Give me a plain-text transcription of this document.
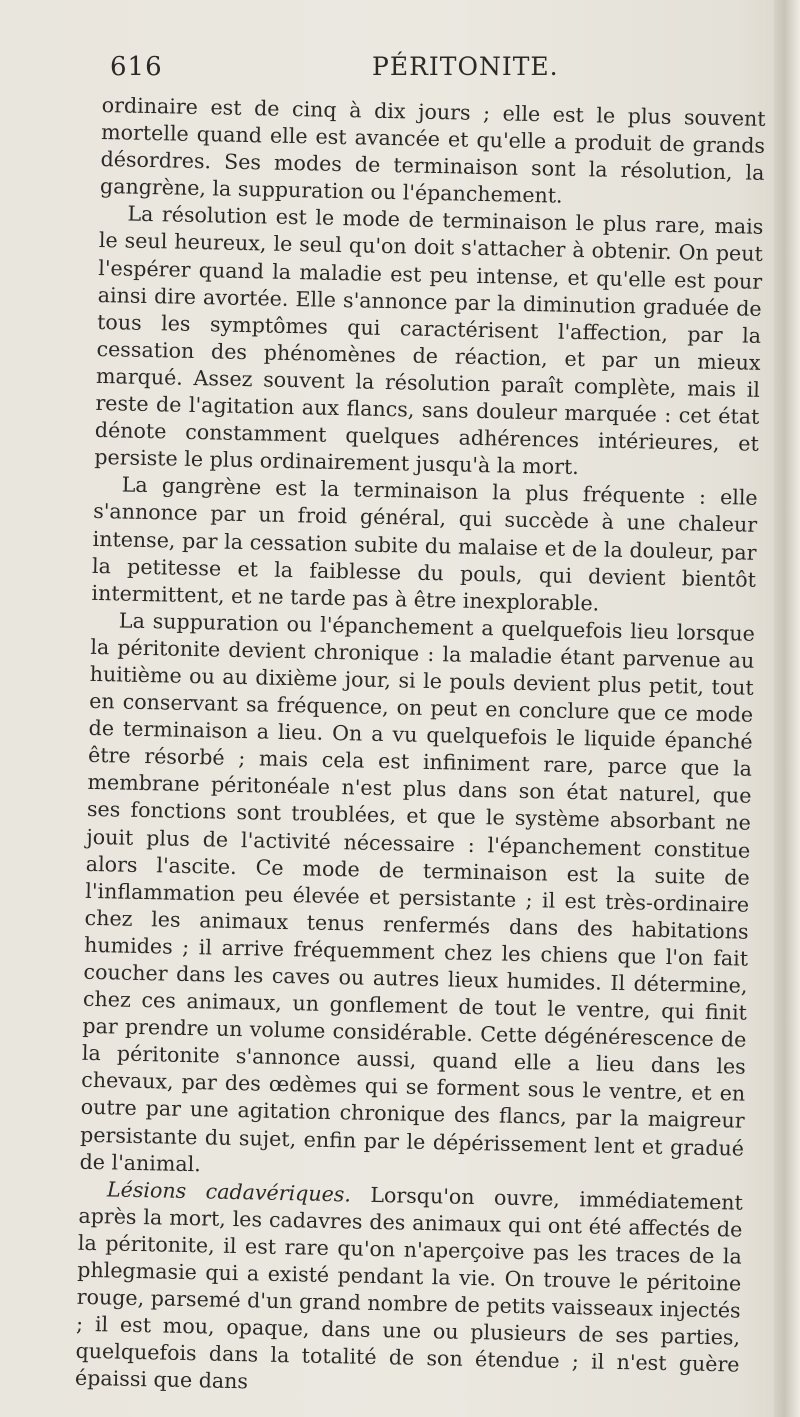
616	PÉRITONITE.

ordinaire est de cinq à dix jours ; elle est le plus souvent mortelle quand elle est avancée et qu'elle a produit de grands désordres. Ses modes de terminaison sont la résolution, la gangrène, la suppuration ou l'épanchement.

La résolution est le mode de terminaison le plus rare, mais le seul heureux, le seul qu'on doit s'attacher à obtenir. On peut l'espérer quand la maladie est peu intense, et qu'elle est pour ainsi dire avortée. Elle s'annonce par la diminution graduée de tous les symptômes qui caractérisent l'affection, par la cessation des phénomènes de réaction, et par un mieux marqué. Assez souvent la résolution paraît complète, mais il reste de l'agitation aux flancs, sans douleur marquée : cet état dénote constamment quelques adhérences intérieures, et persiste le plus ordinairement jusqu'à la mort.

La gangrène est la terminaison la plus fréquente : elle s'annonce par un froid général, qui succède à une chaleur intense, par la cessation subite du malaise et de la douleur, par la petitesse et la faiblesse du pouls, qui devient bientôt intermittent, et ne tarde pas à être inexplorable.

La suppuration ou l'épanchement a quelquefois lieu lorsque la péritonite devient chronique : la maladie étant parvenue au huitième ou au dixième jour, si le pouls devient plus petit, tout en conservant sa fréquence, on peut en conclure que ce mode de terminaison a lieu. On a vu quelquefois le liquide épanché être résorbé ; mais cela est infiniment rare, parce que la membrane péritonéale n'est plus dans son état naturel, que ses fonctions sont troublées, et que le système absorbant ne jouit plus de l'activité nécessaire : l'épanchement constitue alors l'ascite. Ce mode de terminaison est la suite de l'inflammation peu élevée et persistante ; il est très-ordinaire chez les animaux tenus renfermés dans des habitations humides ; il arrive fréquemment chez les chiens que l'on fait coucher dans les caves ou autres lieux humides. Il détermine, chez ces animaux, un gonflement de tout le ventre, qui finit par prendre un volume considérable. Cette dégénérescence de la péritonite s'annonce aussi, quand elle a lieu dans les chevaux, par des œdèmes qui se forment sous le ventre, et en outre par une agitation chronique des flancs, par la maigreur persistante du sujet, enfin par le dépérissement lent et gradué de l'animal.

Lésions cadavériques. Lorsqu'on ouvre, immédiatement après la mort, les cadavres des animaux qui ont été affectés de la péritonite, il est rare qu'on n'aperçoive pas les traces de la phlegmasie qui a existé pendant la vie. On trouve le péritoine rouge, parsemé d'un grand nombre de petits vaisseaux injectés ; il est mou, opaque, dans une ou plusieurs de ses parties, quelquefois dans la totalité de son étendue ; il n'est guère épaissi que dans
